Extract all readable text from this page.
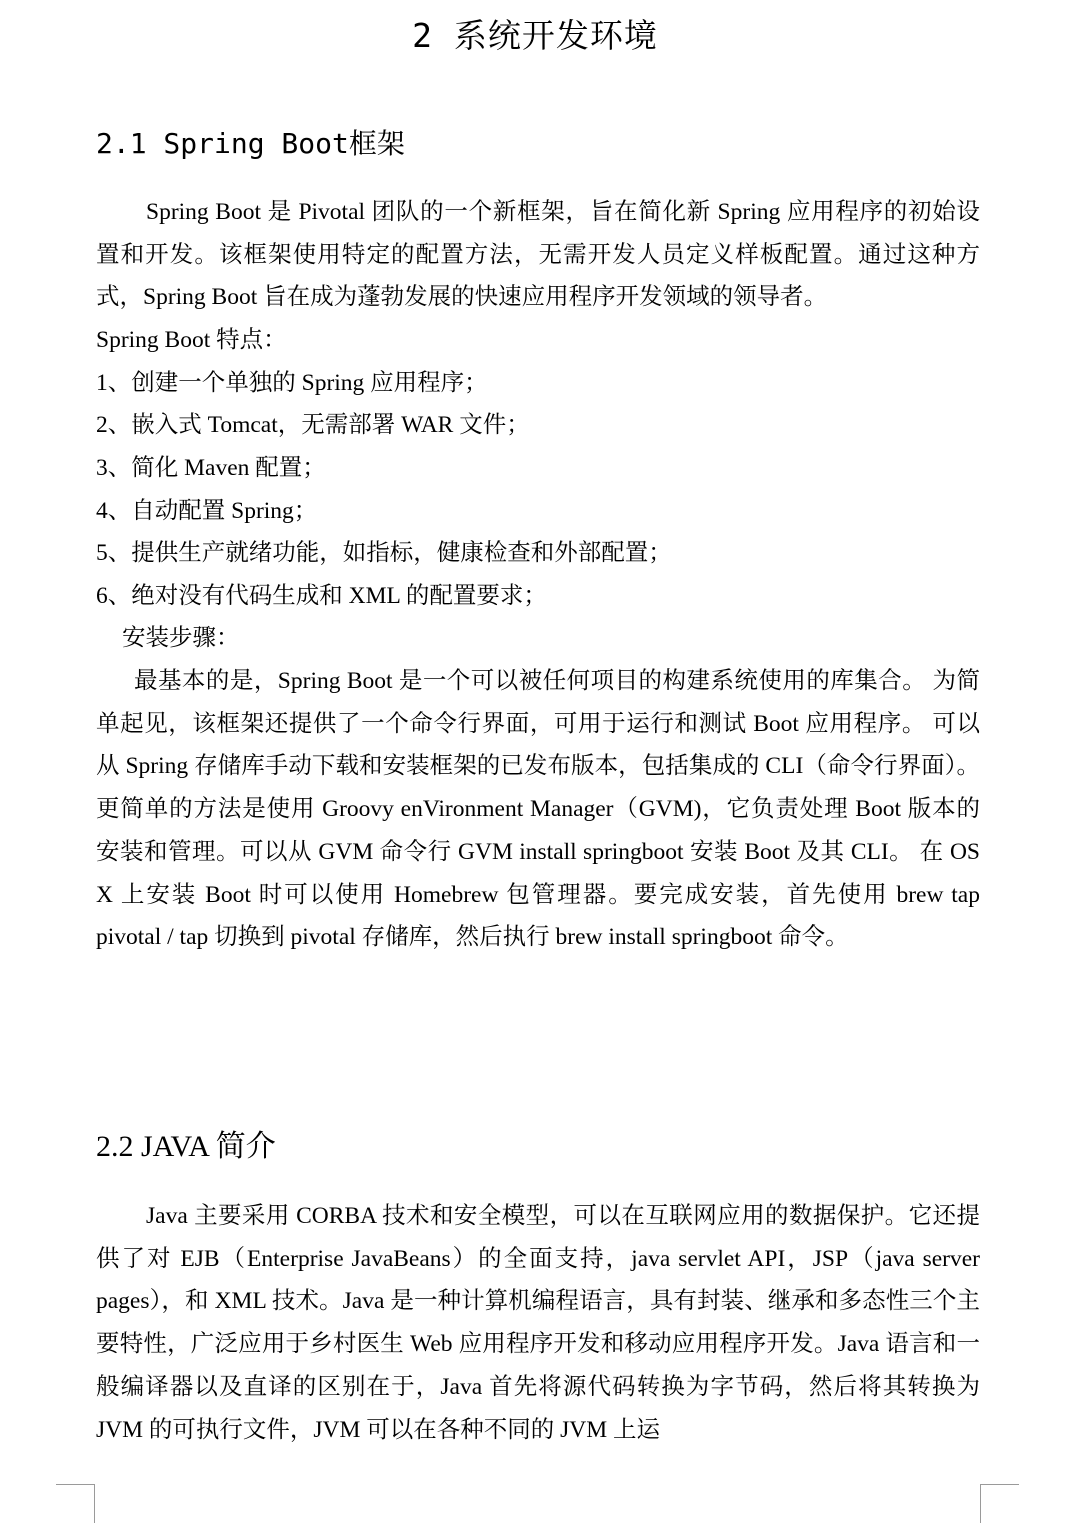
2 系统开发环境
2.1 Spring Boot框架
Spring Boot 是 Pivotal 团队的一个新框架，旨在简化新 Spring 应用程序的初始设置和开发。该框架使用特定的配置方法，无需开发人员定义样板配置。通过这种方式，Spring Boot 旨在成为蓬勃发展的快速应用程序开发领域的领导者。
Spring Boot 特点：
1、创建一个单独的 Spring 应用程序；
2、嵌入式 Tomcat，无需部署 WAR 文件；
3、简化 Maven 配置；
4、自动配置 Spring；
5、提供生产就绪功能，如指标，健康检查和外部配置；
6、绝对没有代码生成和 XML 的配置要求；
安装步骤：
最基本的是，Spring Boot 是一个可以被任何项目的构建系统使用的库集合。 为简单起见，该框架还提供了一个命令行界面，可用于运行和测试 Boot 应用程序。 可以从 Spring 存储库手动下载和安装框架的已发布版本，包括集成的 CLI（命令行界面）。更简单的方法是使用 Groovy enVironment Manager（GVM)，它负责处理 Boot 版本的安装和管理。可以从 GVM 命令行 GVM install springboot 安装 Boot 及其 CLI。 在 OS X 上安装 Boot 时可以使用 Homebrew 包管理器。要完成安装，首先使用 brew tap pivotal / tap 切换到 pivotal 存储库，然后执行 brew install springboot 命令。
2.2 JAVA 简介
Java 主要采用 CORBA 技术和安全模型，可以在互联网应用的数据保护。它还提供了对 EJB（Enterprise JavaBeans）的全面支持，java servlet API，JSP（java server pages），和 XML 技术。Java 是一种计算机编程语言，具有封装、继承和多态性三个主要特性，广泛应用于乡村医生 Web 应用程序开发和移动应用程序开发。Java 语言和一般编译器以及直译的区别在于，Java 首先将源代码转换为字节码，然后将其转换为 JVM 的可执行文件，JVM 可以在各种不同的 JVM 上运
